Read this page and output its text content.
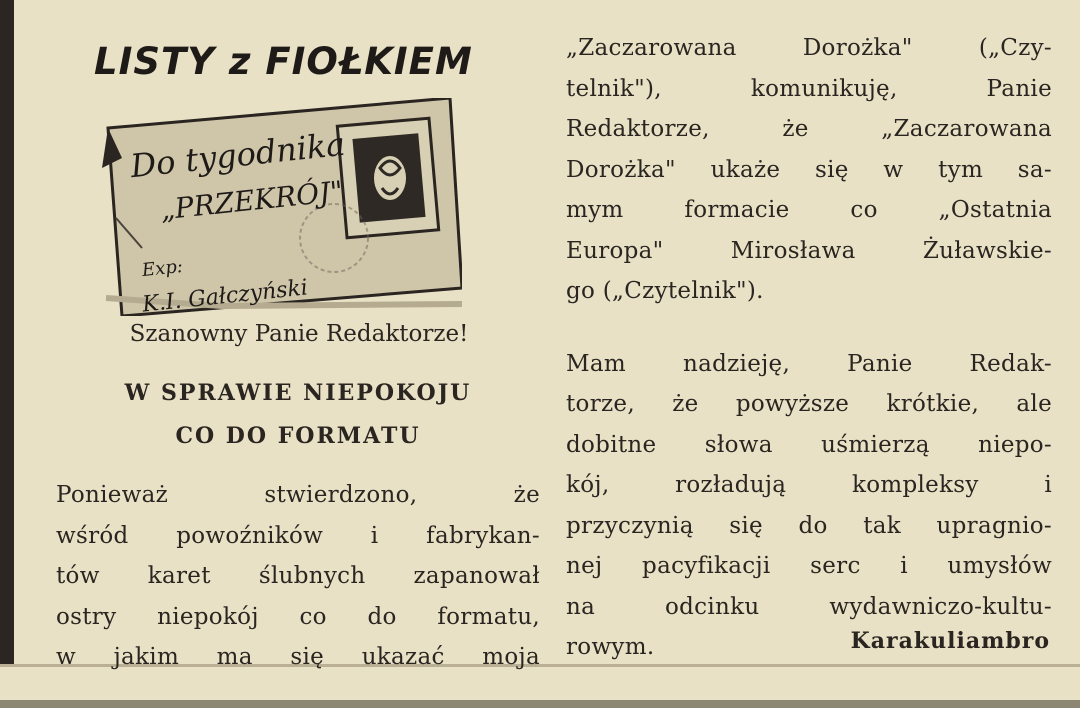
LISTY z FIOŁKIEM
Do tygodnika
„PRZEKRÓJ"
Exp:
K.I. Gałczyński
Szanowny Panie Redaktorze!
W SPRAWIE NIEPOKOJU
CO DO FORMATU

Ponieważ stwierdzono, że

wśród powoźników i fabrykan-

tów karet ślubnych zapanował

ostry niepokój co do formatu,

w jakim ma się ukazać moja

„Zaczarowana Dorożka" („Czy-

telnik"), komunikuję, Panie

Redaktorze, że „Zaczarowana

Dorożka" ukaże się w tym sa-

mym formacie co „Ostatnia

Europa" Mirosława Żuławskie-

go („Czytelnik").

Mam nadzieję, Panie Redak-

torze, że powyższe krótkie, ale

dobitne słowa uśmierzą niepo-

kój, rozładują kompleksy i

przyczynią się do tak upragnio-

nej pacyfikacji serc i umysłów

na odcinku wydawniczo-kultu-

rowym.	Karakuliambro
